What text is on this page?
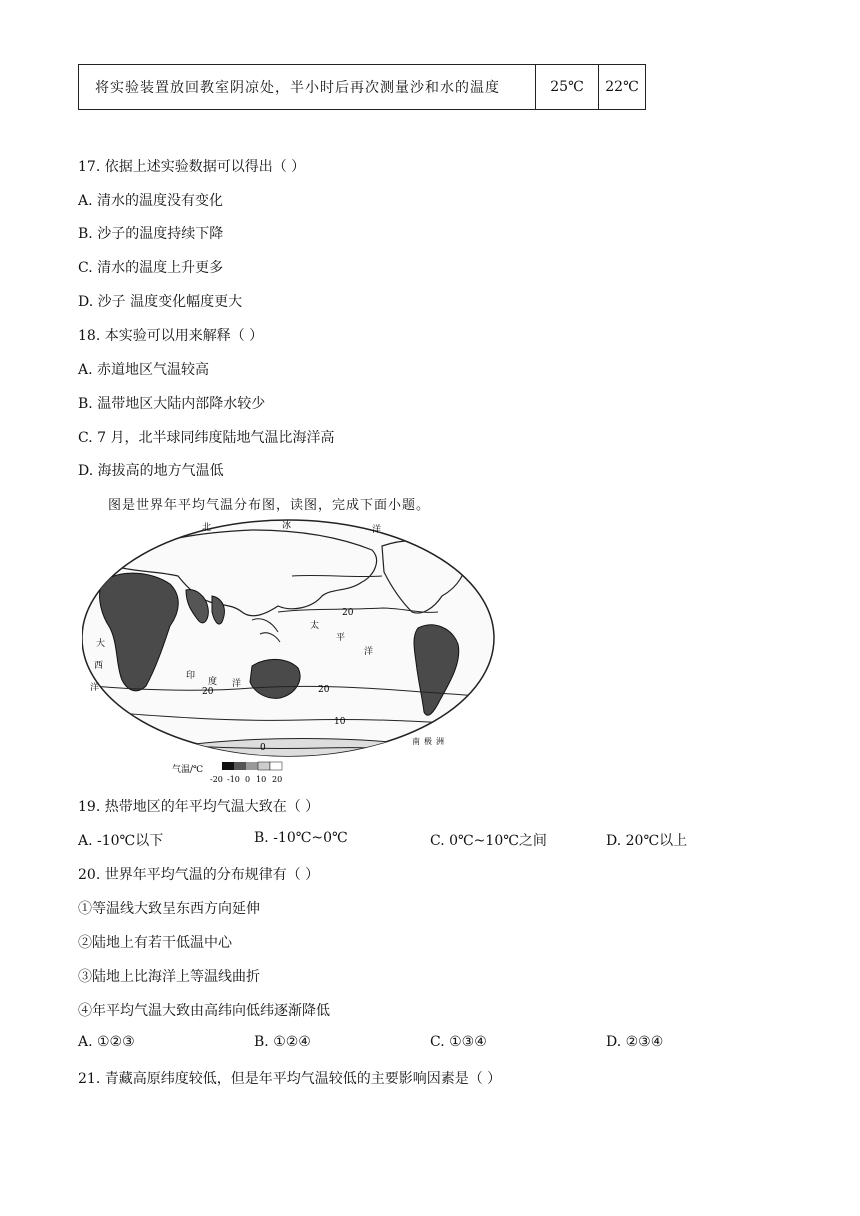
将实验装置放回教室阴凉处，半小时后再次测量沙和水的温度	25℃	22℃
17. 依据上述实验数据可以得出（ ）
A. 清水的温度没有变化
B. 沙子的温度持续下降
C. 清水的温度上升更多
D. 沙子 温度变化幅度更大
18. 本实验可以用来解释（ ）
A. 赤道地区气温较高
B. 温带地区大陆内部降水较少
C. 7 月，北半球同纬度陆地气温比海洋高
D. 海拔高的地方气温低
图是世界年平均气温分布图，读图，完成下面小题。
20
20	20
10
0
北	冰	洋
太
平
洋
大
西
洋
印
度 洋
南 极 洲
气温/℃
-20 -10 0 10 20
19. 热带地区的年平均气温大致在（ ）
A. -10℃以下	B. -10℃~0℃	C. 0℃~10℃之间	D. 20℃以上
20. 世界年平均气温的分布规律有（ ）
①等温线大致呈东西方向延伸
②陆地上有若干低温中心
③陆地上比海洋上等温线曲折
④年平均气温大致由高纬向低纬逐渐降低
A. ①②③	B. ①②④	C. ①③④	D. ②③④
21. 青藏高原纬度较低，但是年平均气温较低的主要影响因素是（ ）
